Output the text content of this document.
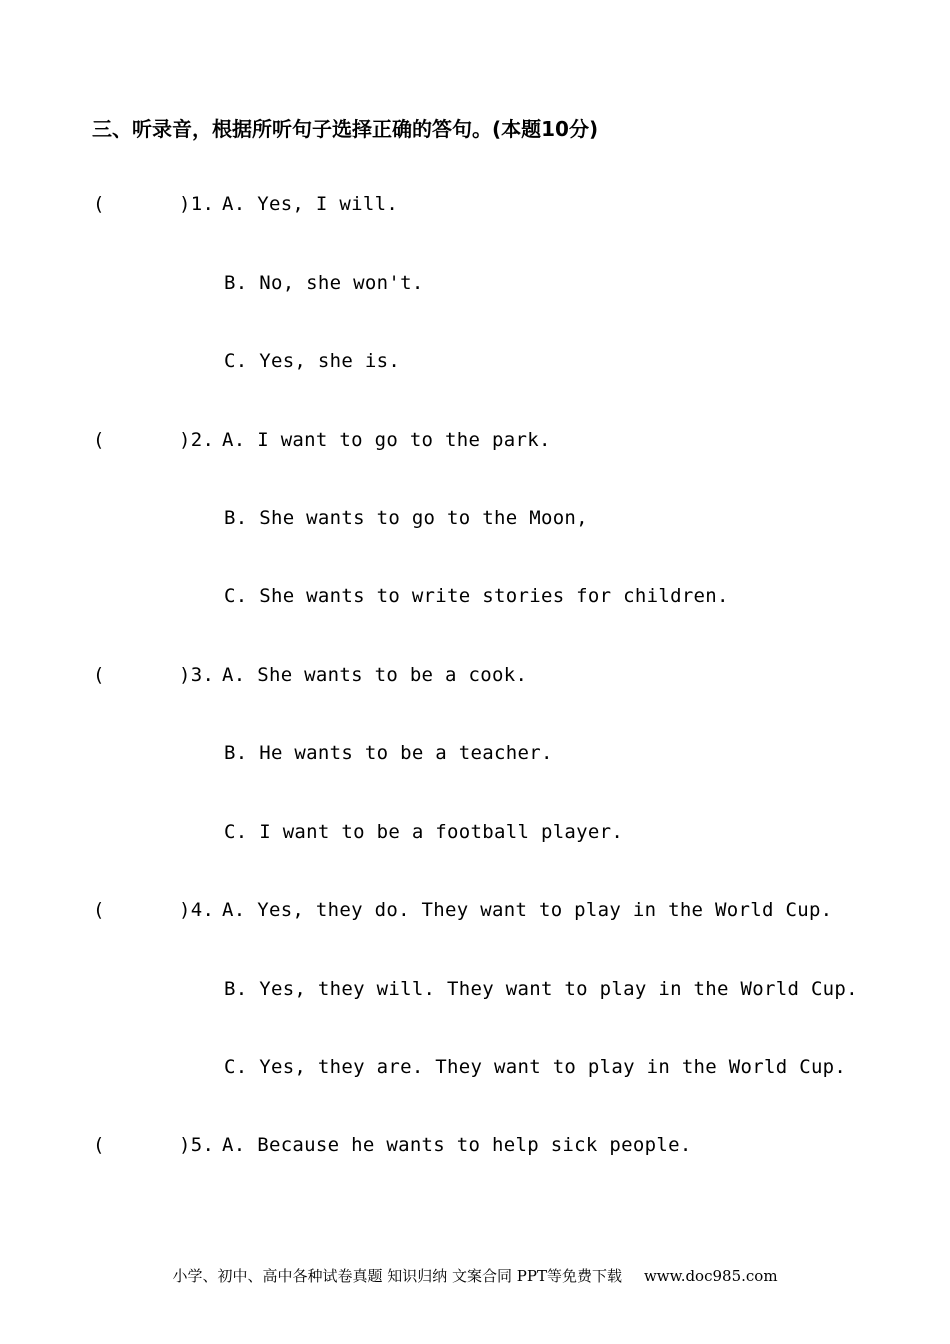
三、听录音，根据所听句子选择正确的答句。(本题10分)
(	)1. A. Yes, I will.
B. No, she won't.
C. Yes, she is.
(	)2. A. I want to go to the park.
B. She wants to go to the Moon,
C. She wants to write stories for children.
(	)3. A. She wants to be a cook.
B. He wants to be a teacher.
C. I want to be a football player.
(	)4. A. Yes, they do. They want to play in the World Cup.
B. Yes, they will. They want to play in the World Cup.
C. Yes, they are. They want to play in the World Cup.
(	)5. A. Because he wants to help sick people.
小学、初中、高中各种试卷真题 知识归纳 文案合同 PPT等免费下载 www.doc985.com
